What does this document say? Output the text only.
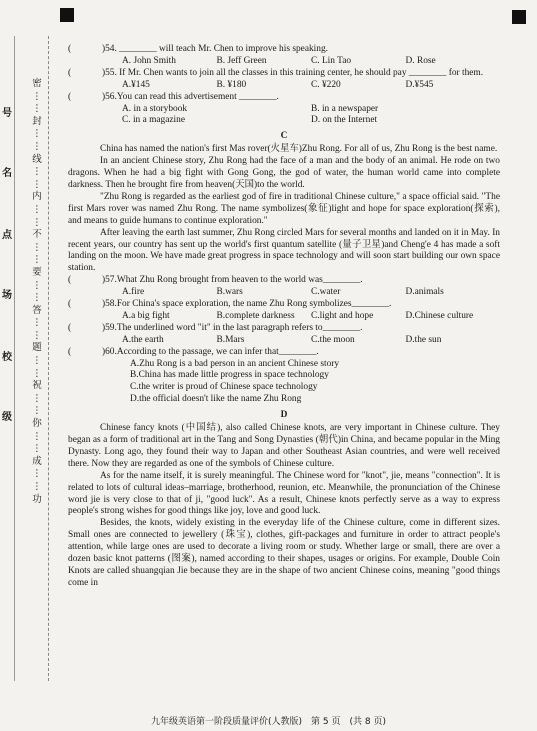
号
名
点
场
校
级
密
⋮
⋮
封
⋮
⋮
线
⋮
⋮
内
⋮
⋮
不
⋮
⋮
要
⋮
⋮
答
⋮
⋮
题
⋮
⋮
祝
⋮
⋮
你
⋮
⋮
成
⋮
⋮
功
(	)54. ________ will teach Mr. Chen to improve his speaking.
A. John Smith	B. Jeff Green	C. Lin Tao	D. Rose
(	)55. If Mr. Chen wants to join all the classes in this training center, he should pay ________ for them.
A.¥145	B. ¥180	C. ¥220	D.¥545
(	)56.You can read this advertisement ________.
A. in a storybook	B. in a newspaper
C. in a magazine	D. on the Internet
C
China has named the nation's first Mas rover(火星车)Zhu Rong. For all of us, Zhu Rong is the best name.
In an ancient Chinese story, Zhu Rong had the face of a man and the body of an animal. He rode on two dragons. When he had a big fight with Gong Gong, the god of water, the human world came into complete darkness. Then he brought fire from heaven(天国)to the world.
"Zhu Rong is regarded as the earliest god of fire in traditional Chinese culture," a space official said. "The first Mars rover was named Zhu Rong. The name symbolizes(象征)light and hope for space exploration(探索), and means to guide humans to continue exploration."
After leaving the earth last summer, Zhu Rong circled Mars for several months and landed on it in May. In recent years, our country has sent up the world's first quantum satellite (量子卫星)and Cheng'e 4 has made a soft landing on the moon. We have made great progress in space technology and will soon start building our own space station.
(	)57.What Zhu Rong brought from heaven to the world was________.
A.fire	B.wars	C.water	D.animals
(	)58.For China's space exploration, the name Zhu Rong symbolizes________.
A.a big fight	B.complete darkness	C.light and hope	D.Chinese culture
(	)59.The underlined word "it" in the last paragraph refers to________.
A.the earth	B.Mars	C.the moon	D.the sun
(	)60.According to the passage, we can infer that________.
A.Zhu Rong is a bad person in an ancient Chinese story
B.China has made little progress in space technology
C.the writer is proud of Chinese space technology
D.the official doesn't like the name Zhu Rong
D
Chinese fancy knots (中国结), also called Chinese knots, are very important in Chinese culture. They began as a form of traditional art in the Tang and Song Dynasties (朝代)in China, and became popular in the Ming Dynasty. Long ago, they found their way to Japan and other Southeast Asian countries, and were well received there. Now they are regarded as one of the symbols of Chinese culture.
As for the name itself, it is surely meaningful. The Chinese word for "knot", jie, means "connection". It is related to lots of cultural ideas–marriage, brotherhood, reunion, etc. Meanwhile, the pronunciation of the Chinese word jie is very close to that of ji, "good luck". As a result, Chinese knots perfectly serve as a way to express people's strong wishes for good things like joy, love and good luck.
Besides, the knots, widely existing in the everyday life of the Chinese culture, come in different sizes. Small ones are connected to jewellery (珠宝), clothes, gift-packages and furniture in order to attract people's attention, while large ones are used to decorate a living room or study. Whether large or small, there are over a dozen basic knot patterns (图案), named according to their shapes, usages or origins. For example, Double Coin Knots are called shuangqian Jie because they are in the shape of two ancient Chinese coins, meaning "good things come in
九年级英语第一阶段质量评价(人教版)　第 5 页　(共 8 页)
